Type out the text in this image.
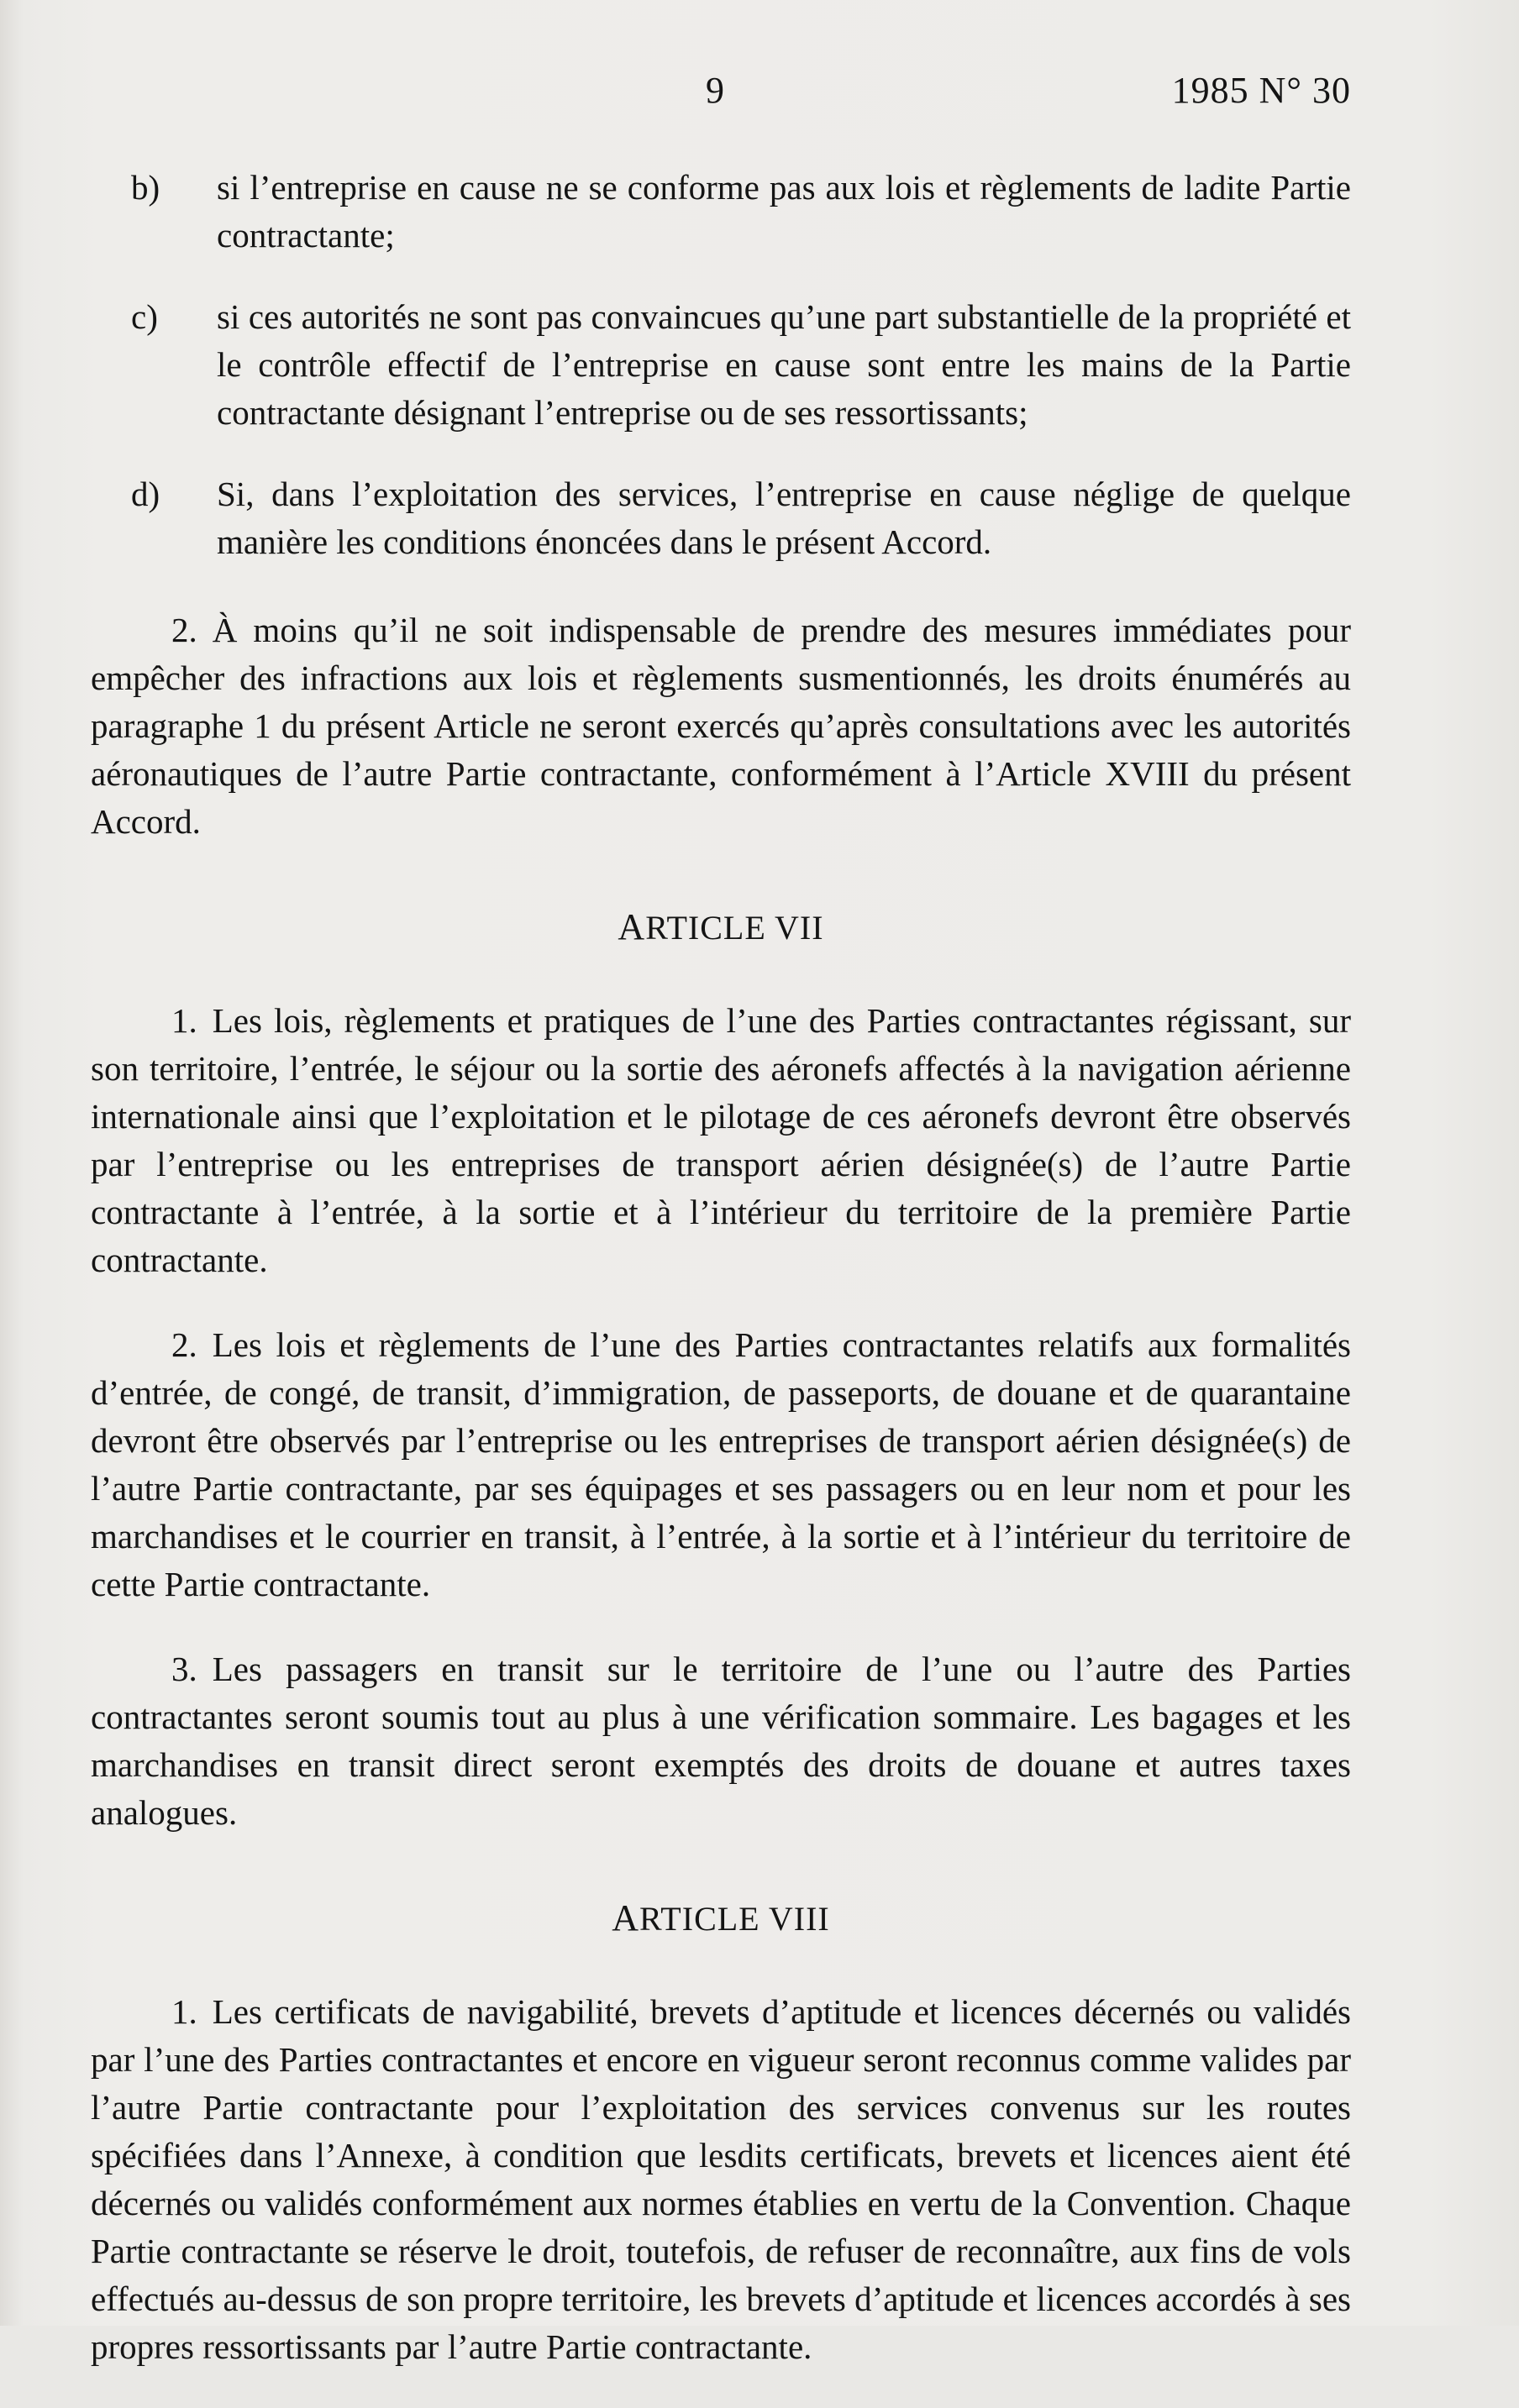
9	1985 N° 30
b)	si l’entreprise en cause ne se conforme pas aux lois et règlements de ladite Partie contractante;
c)	si ces autorités ne sont pas convaincues qu’une part substantielle de la propriété et le contrôle effectif de l’entreprise en cause sont entre les mains de la Partie contractante désignant l’entreprise ou de ses ressortissants;
d)	Si, dans l’exploitation des services, l’entreprise en cause néglige de quelque manière les conditions énoncées dans le présent Accord.

2. À moins qu’il ne soit indispensable de prendre des mesures immédiates pour empêcher des infractions aux lois et règlements susmentionnés, les droits énumérés au paragraphe 1 du présent Article ne seront exercés qu’après consultations avec les autorités aéronautiques de l’autre Partie contractante, conformément à l’Article XVIII du présent Accord.

ARTICLE VII

1. Les lois, règlements et pratiques de l’une des Parties contractantes régissant, sur son territoire, l’entrée, le séjour ou la sortie des aéronefs affectés à la navigation aérienne internationale ainsi que l’exploitation et le pilotage de ces aéronefs devront être observés par l’entreprise ou les entreprises de transport aérien désignée(s) de l’autre Partie contractante à l’entrée, à la sortie et à l’intérieur du territoire de la première Partie contractante.

2. Les lois et règlements de l’une des Parties contractantes relatifs aux formalités d’entrée, de congé, de transit, d’immigration, de passeports, de douane et de quarantaine devront être observés par l’entreprise ou les entreprises de transport aérien désignée(s) de l’autre Partie contractante, par ses équipages et ses passagers ou en leur nom et pour les marchandises et le courrier en transit, à l’entrée, à la sortie et à l’intérieur du territoire de cette Partie contractante.

3. Les passagers en transit sur le territoire de l’une ou l’autre des Parties contractantes seront soumis tout au plus à une vérification sommaire. Les bagages et les marchandises en transit direct seront exemptés des droits de douane et autres taxes analogues.

ARTICLE VIII

1. Les certificats de navigabilité, brevets d’aptitude et licences décernés ou validés par l’une des Parties contractantes et encore en vigueur seront reconnus comme valides par l’autre Partie contractante pour l’exploitation des services convenus sur les routes spécifiées dans l’Annexe, à condition que lesdits certificats, brevets et licences aient été décernés ou validés conformément aux normes établies en vertu de la Convention. Chaque Partie contractante se réserve le droit, toutefois, de refuser de reconnaître, aux fins de vols effectués au-dessus de son propre territoire, les brevets d’aptitude et licences accordés à ses propres ressortissants par l’autre Partie contractante.
